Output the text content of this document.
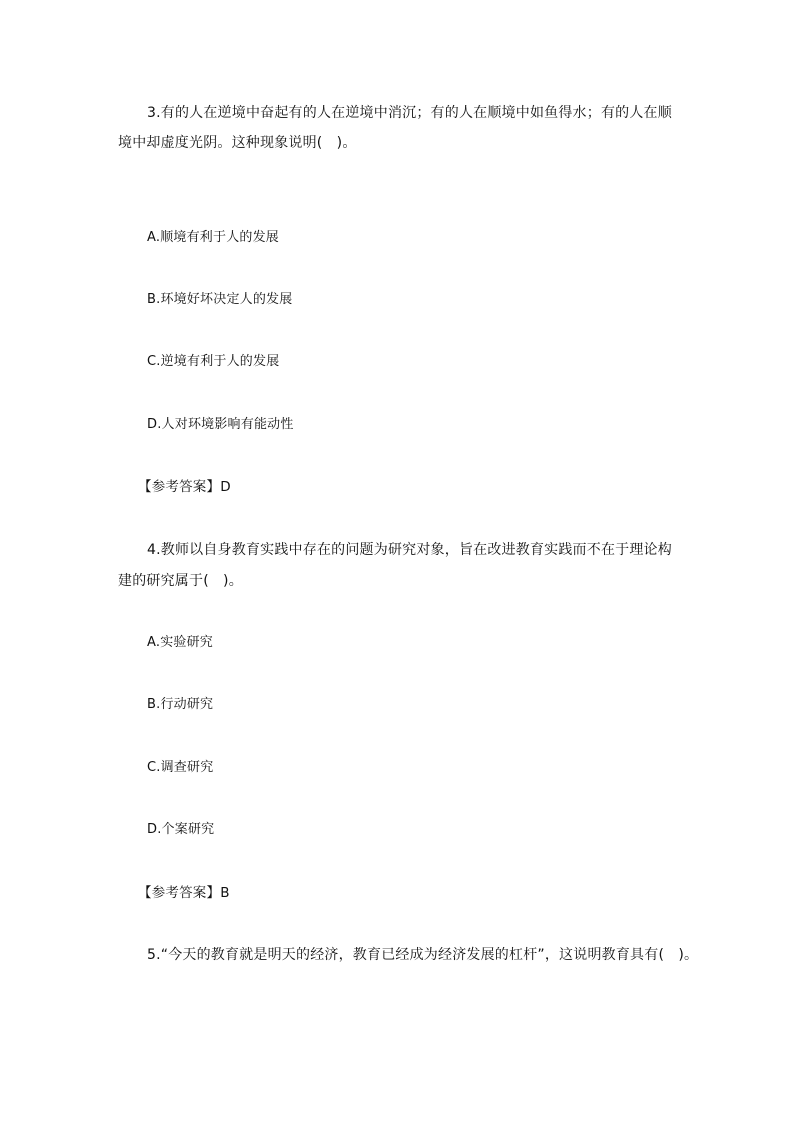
3.有的人在逆境中奋起有的人在逆境中消沉；有的人在顺境中如鱼得水；有的人在顺
境中却虚度光阴。这种现象说明(　)。
A.顺境有利于人的发展
B.环境好坏决定人的发展
C.逆境有利于人的发展
D.人对环境影响有能动性
【参考答案】D
4.教师以自身教育实践中存在的问题为研究对象，旨在改进教育实践而不在于理论构
建的研究属于(　)。
A.实验研究
B.行动研究
C.调查研究
D.个案研究
【参考答案】B
5.“今天的教育就是明天的经济，教育已经成为经济发展的杠杆”，这说明教育具有(　)。
